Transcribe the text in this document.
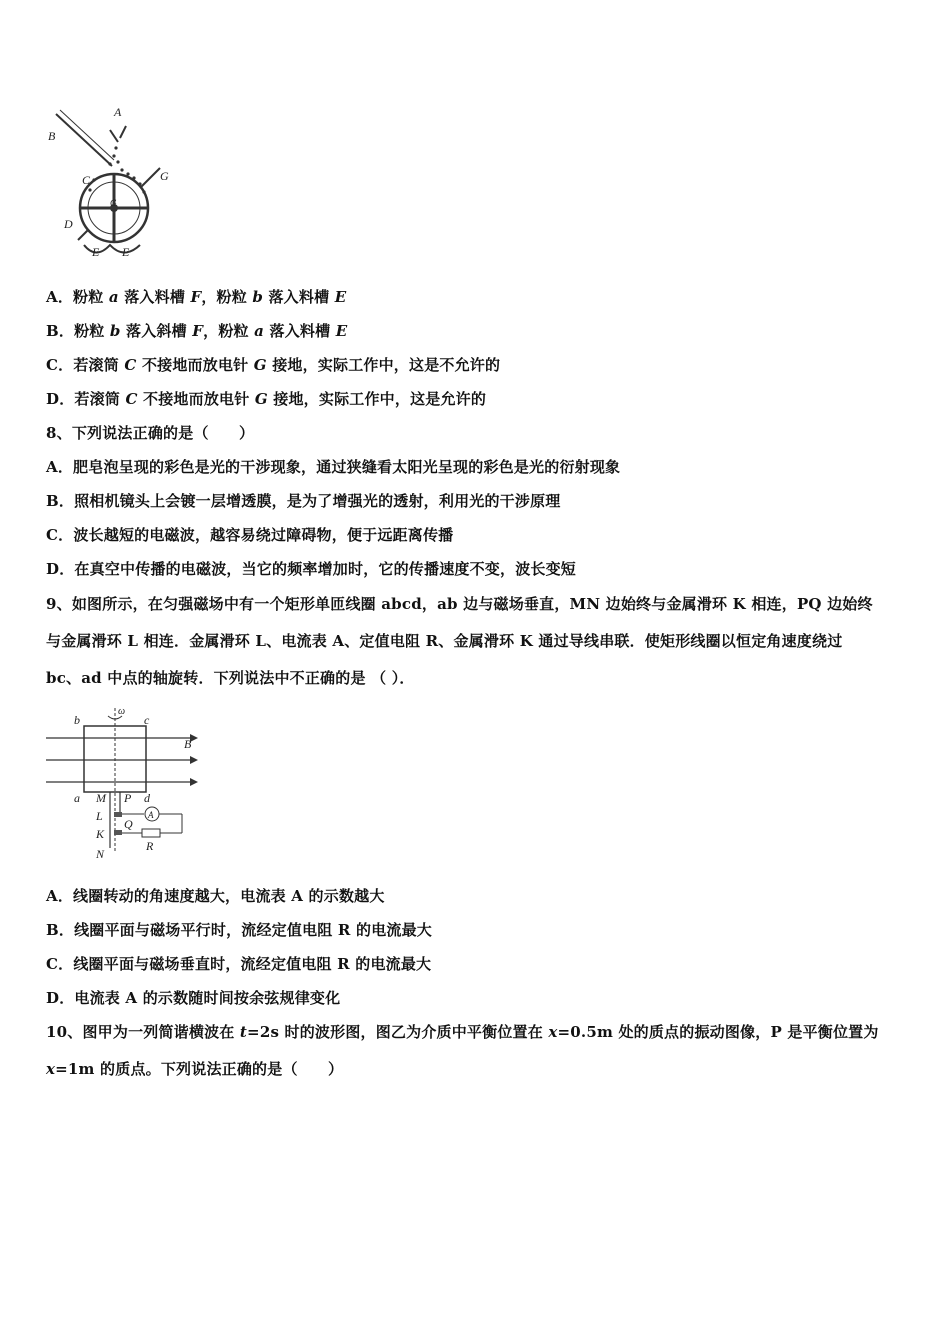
A
B
C
D
G
G
E E
A．粉粒 a 落入料槽 F，粉粒 b 落入料槽 E
B．粉粒 b 落入斜槽 F，粉粒 a 落入料槽 E
C．若滚筒 C 不接地而放电针 G 接地，实际工作中，这是不允许的
D．若滚筒 C 不接地而放电针 G 接地，实际工作中，这是允许的
8、下列说法正确的是（　　）
A．肥皂泡呈现的彩色是光的干涉现象，通过狭缝看太阳光呈现的彩色是光的衍射现象
B．照相机镜头上会镀一层增透膜，是为了增强光的透射，利用光的干涉原理
C．波长越短的电磁波，越容易绕过障碍物，便于远距离传播
D．在真空中传播的电磁波，当它的频率增加时，它的传播速度不变，波长变短
9、如图所示，在匀强磁场中有一个矩形单匝线圈 abcd，ab 边与磁场垂直，MN 边始终与金属滑环 K 相连，PQ 边始终
与金属滑环 L 相连．金属滑环 L、电流表 A、定值电阻 R、金属滑环 K 通过导线串联．使矩形线圈以恒定角速度绕过
bc、ad 中点的轴旋转．下列说法中不正确的是 （ ）．
b	c
ω
B
a M P d
L
Q
A
K
R
N
A．线圈转动的角速度越大，电流表 A 的示数越大
B．线圈平面与磁场平行时，流经定值电阻 R 的电流最大
C．线圈平面与磁场垂直时，流经定值电阻 R 的电流最大
D．电流表 A 的示数随时间按余弦规律变化
10、图甲为一列简谐横波在 t=2s 时的波形图，图乙为介质中平衡位置在 x=0.5m 处的质点的振动图像，P 是平衡位置为
x=1m 的质点。下列说法正确的是（　　）
